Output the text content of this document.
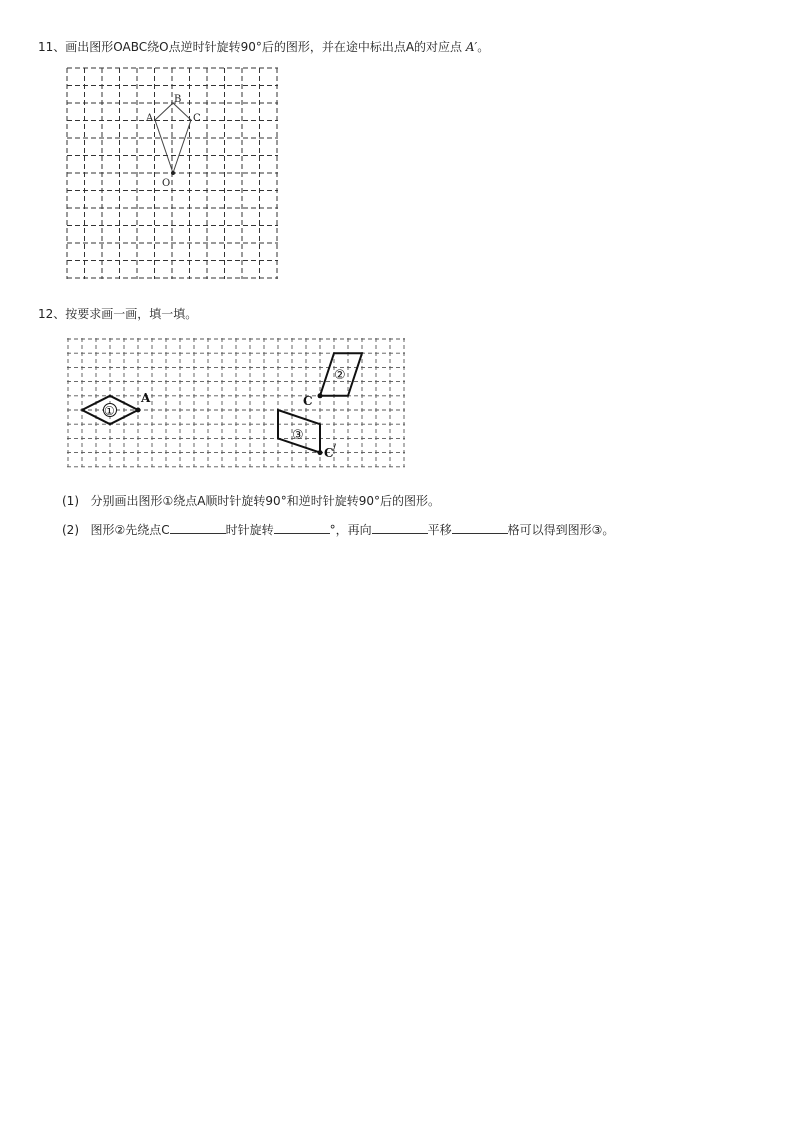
11、画出图形OABC绕O点逆时针旋转90°后的图形，并在途中标出点A的对应点 A′。
A
B
C
O
12、按要求画一画，填一填。
①
A
②
C
③
C /
(1) 分别画出图形①绕点A顺时针旋转90°和逆时针旋转90°后的图形。
(2) 图形②先绕点C	时针旋转	°，再向	平移	格可以得到图形③。
